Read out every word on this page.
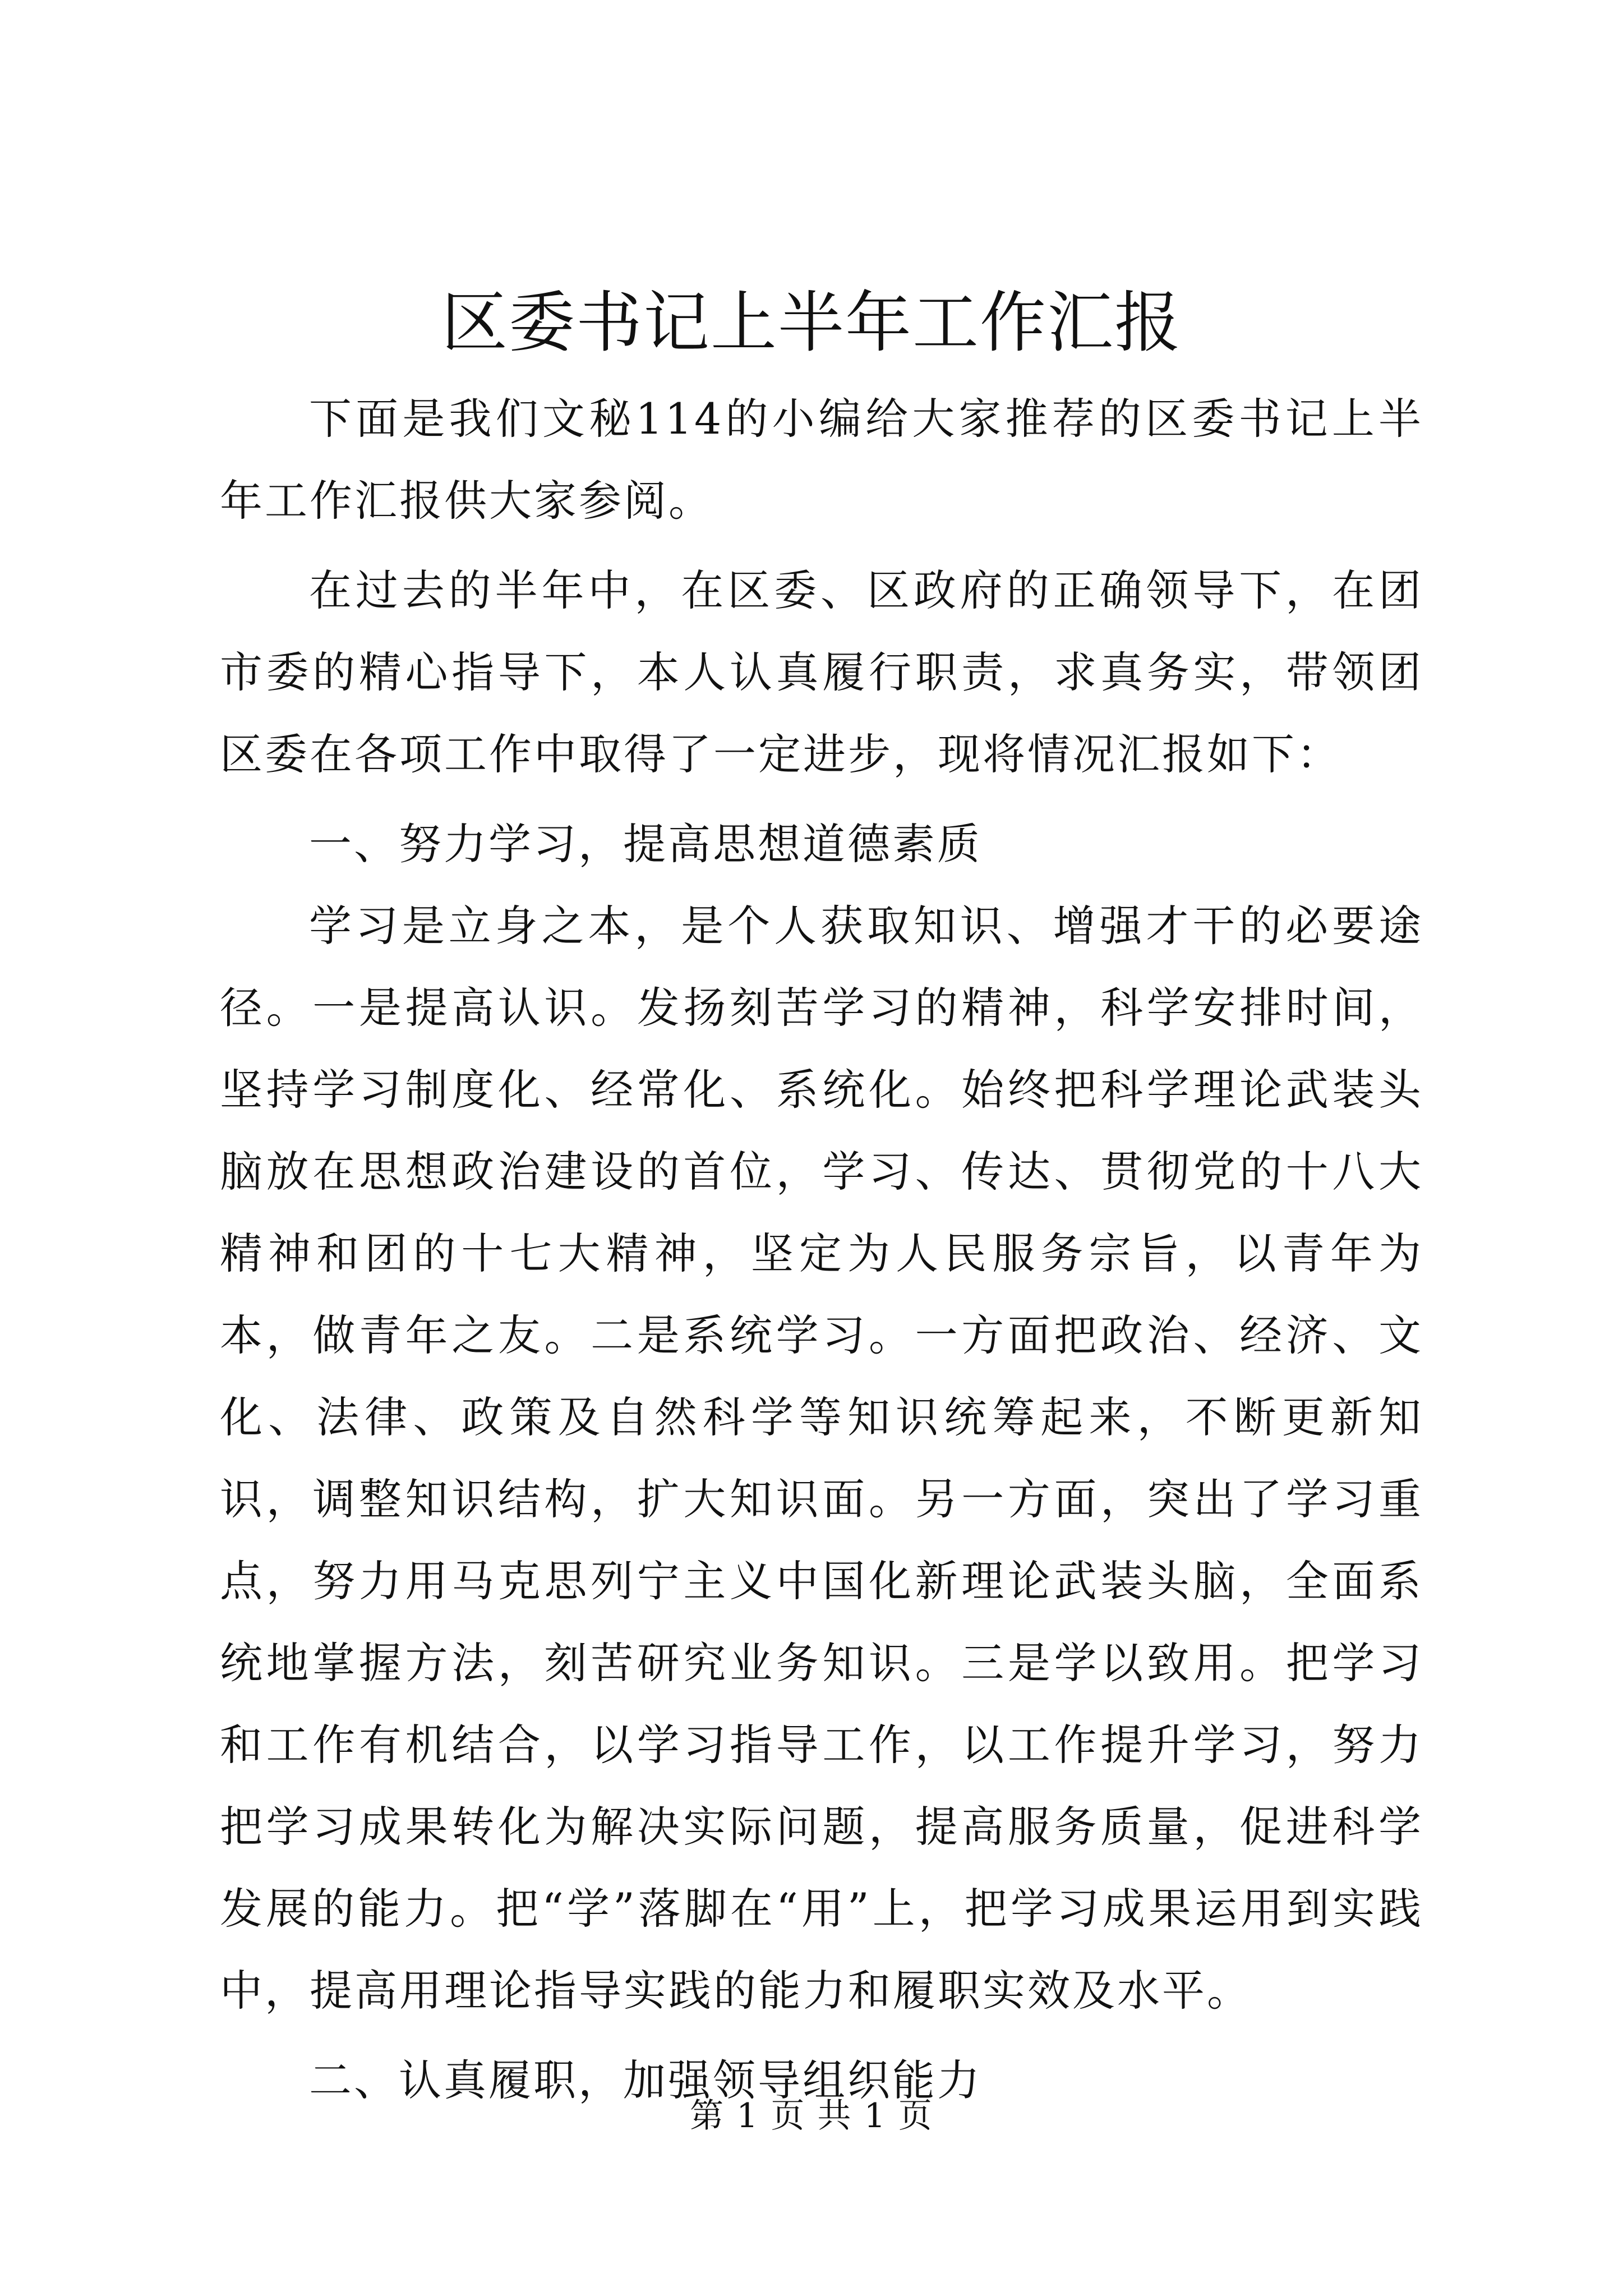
区委书记上半年工作汇报

下面是我们文秘114的小编给大家推荐的区委书记上半年工作汇报供大家参阅。

在过去的半年中，在区委、区政府的正确领导下，在团市委的精心指导下，本人认真履行职责，求真务实，带领团区委在各项工作中取得了一定进步，现将情况汇报如下：

一、努力学习，提高思想道德素质

学习是立身之本，是个人获取知识、增强才干的必要途径。一是提高认识。发扬刻苦学习的精神，科学安排时间，坚持学习制度化、经常化、系统化。始终把科学理论武装头脑放在思想政治建设的首位，学习、传达、贯彻党的十八大精神和团的十七大精神，坚定为人民服务宗旨，以青年为本，做青年之友。二是系统学习。一方面把政治、经济、文化、法律、政策及自然科学等知识统筹起来，不断更新知识，调整知识结构，扩大知识面。另一方面，突出了学习重点，努力用马克思列宁主义中国化新理论武装头脑，全面系统地掌握方法，刻苦研究业务知识。三是学以致用。把学习和工作有机结合，以学习指导工作，以工作提升学习，努力把学习成果转化为解决实际问题，提高服务质量，促进科学发展的能力。把“学”落脚在“用”上，把学习成果运用到实践中，提高用理论指导实践的能力和履职实效及水平。

二、认真履职，加强领导组织能力

第 1 页 共 1 页
